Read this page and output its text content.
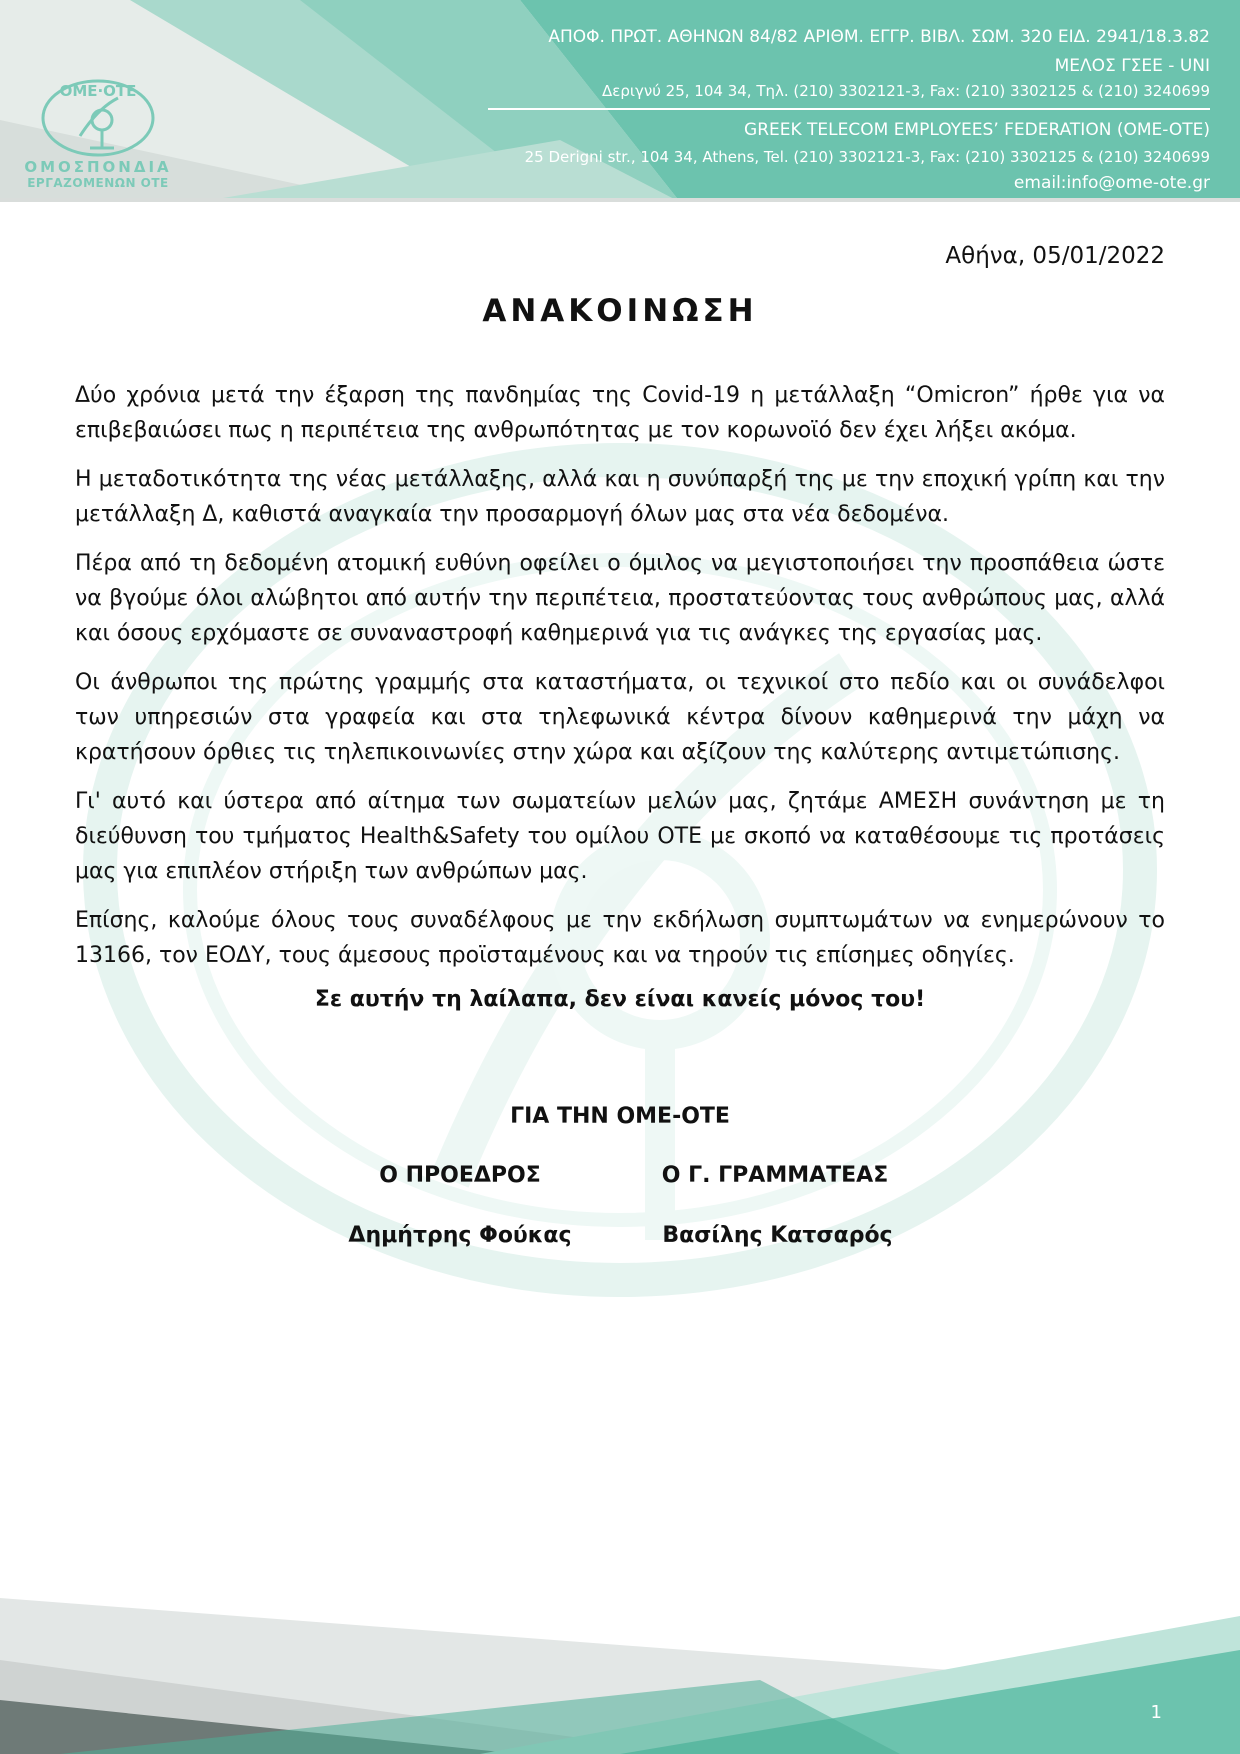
ΟΜΕ·ΟΤΕ
ΟΜΟΣΠΟΝΔΙΑ
ΕΡΓΑΖΟΜΕΝΩΝ ΟΤΕ
ΑΠΟΦ. ΠΡΩΤ. ΑΘΗΝΩΝ 84/82 ΑΡΙΘΜ. ΕΓΓΡ. ΒΙΒΛ. ΣΩΜ. 320 ΕΙΔ. 2941/18.3.82
ΜΕΛΟΣ ΓΣΕΕ - UNI
Δεριγνύ 25, 104 34, Τηλ. (210) 3302121-3, Fax: (210) 3302125 & (210) 3240699
GREEK TELECOM EMPLOYEES’ FEDERATION (OME-OTE)
25 Derigni str., 104 34, Athens, Tel. (210) 3302121-3, Fax: (210) 3302125 & (210) 3240699
email:info@ome-ote.gr
Αθήνα, 05/01/2022
ΑΝΑΚΟΙΝΩΣΗ

Δύο χρόνια μετά την έξαρση της πανδημίας της Covid-19 η μετάλλαξη “Omicron” ήρθε για να επιβεβαιώσει πως η περιπέτεια της ανθρωπότητας με τον κορωνοϊό δεν έχει λήξει ακόμα.

Η μεταδοτικότητα της νέας μετάλλαξης, αλλά και η συνύπαρξή της με την εποχική γρίπη και την μετάλλαξη Δ, καθιστά αναγκαία την προσαρμογή όλων μας στα νέα δεδομένα.

Πέρα από τη δεδομένη ατομική ευθύνη οφείλει ο όμιλος να μεγιστοποιήσει την προσπάθεια ώστε να βγούμε όλοι αλώβητοι από αυτήν την περιπέτεια, προστατεύοντας τους ανθρώπους μας, αλλά και όσους ερχόμαστε σε συναναστροφή καθημερινά για τις ανάγκες της εργασίας μας.

Οι άνθρωποι της πρώτης γραμμής στα καταστήματα, οι τεχνικοί στο πεδίο και οι συνάδελφοι των υπηρεσιών στα γραφεία και στα τηλεφωνικά κέντρα δίνουν καθημερινά την μάχη να κρατήσουν όρθιες τις τηλεπικοινωνίες στην χώρα και αξίζουν της καλύτερης αντιμετώπισης.

Γι' αυτό και ύστερα από αίτημα των σωματείων μελών μας, ζητάμε ΑΜΕΣΗ συνάντηση με τη διεύθυνση του τμήματος Health&Safety του ομίλου ΟΤΕ με σκοπό να καταθέσουμε τις προτάσεις μας για επιπλέον στήριξη των ανθρώπων μας.

Επίσης, καλούμε όλους τους συναδέλφους με την εκδήλωση συμπτωμάτων να ενημερώνουν το 13166, τον ΕΟΔΥ, τους άμεσους προϊσταμένους και να τηρούν τις επίσημες οδηγίες.

Σε αυτήν τη λαίλαπα, δεν είναι κανείς μόνος του!
ΓΙΑ ΤΗΝ ΟΜΕ-ΟΤΕ
Ο ΠΡΟΕΔΡΟΣ
Δημήτρης Φούκας
Ο Γ. ΓΡΑΜΜΑΤΕΑΣ
Βασίλης Κατσαρός
1
